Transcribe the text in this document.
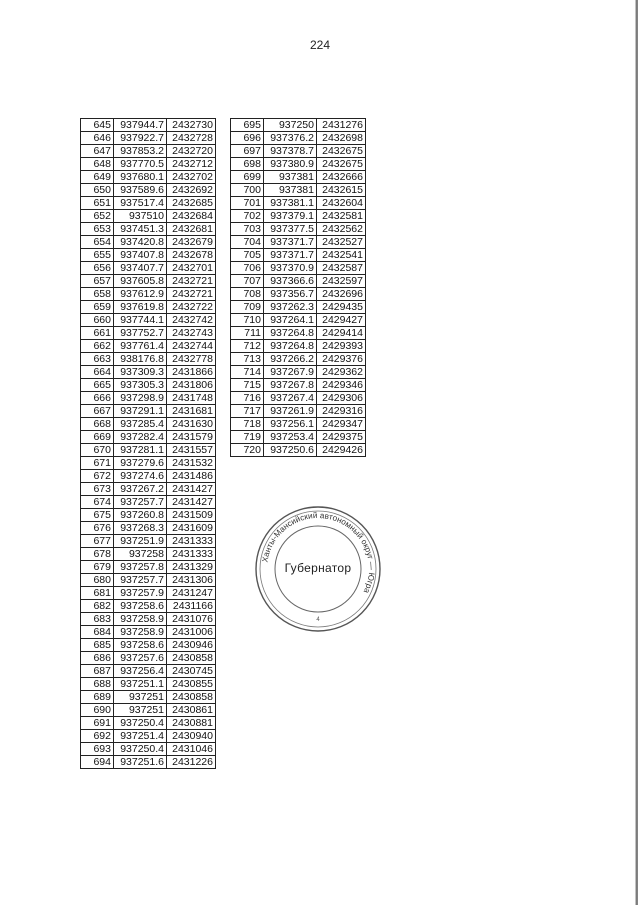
224
645	937944.7	2432730
646	937922.7	2432728
647	937853.2	2432720
648	937770.5	2432712
649	937680.1	2432702
650	937589.6	2432692
651	937517.4	2432685
652	937510	2432684
653	937451.3	2432681
654	937420.8	2432679
655	937407.8	2432678
656	937407.7	2432701
657	937605.8	2432721
658	937612.9	2432721
659	937619.8	2432722
660	937744.1	2432742
661	937752.7	2432743
662	937761.4	2432744
663	938176.8	2432778
664	937309.3	2431866
665	937305.3	2431806
666	937298.9	2431748
667	937291.1	2431681
668	937285.4	2431630
669	937282.4	2431579
670	937281.1	2431557
671	937279.6	2431532
672	937274.6	2431486
673	937267.2	2431427
674	937257.7	2431427
675	937260.8	2431509
676	937268.3	2431609
677	937251.9	2431333
678	937258	2431333
679	937257.8	2431329
680	937257.7	2431306
681	937257.9	2431247
682	937258.6	2431166
683	937258.9	2431076
684	937258.9	2431006
685	937258.6	2430946
686	937257.6	2430858
687	937256.4	2430745
688	937251.1	2430855
689	937251	2430858
690	937251	2430861
691	937250.4	2430881
692	937251.4	2430940
693	937250.4	2431046
694	937251.6	2431226
695	937250	2431276
696	937376.2	2432698
697	937378.7	2432675
698	937380.9	2432675
699	937381	2432666
700	937381	2432615
701	937381.1	2432604
702	937379.1	2432581
703	937377.5	2432562
704	937371.7	2432527
705	937371.7	2432541
706	937370.9	2432587
707	937366.6	2432597
708	937356.7	2432696
709	937262.3	2429435
710	937264.1	2429427
711	937264.8	2429414
712	937264.8	2429393
713	937266.2	2429376
714	937267.9	2429362
715	937267.8	2429346
716	937267.4	2429306
717	937261.9	2429316
718	937256.1	2429347
719	937253.4	2429375
720	937250.6	2429426
Ханты-Мансийский автономный округ — Югра
4
Губернатор
